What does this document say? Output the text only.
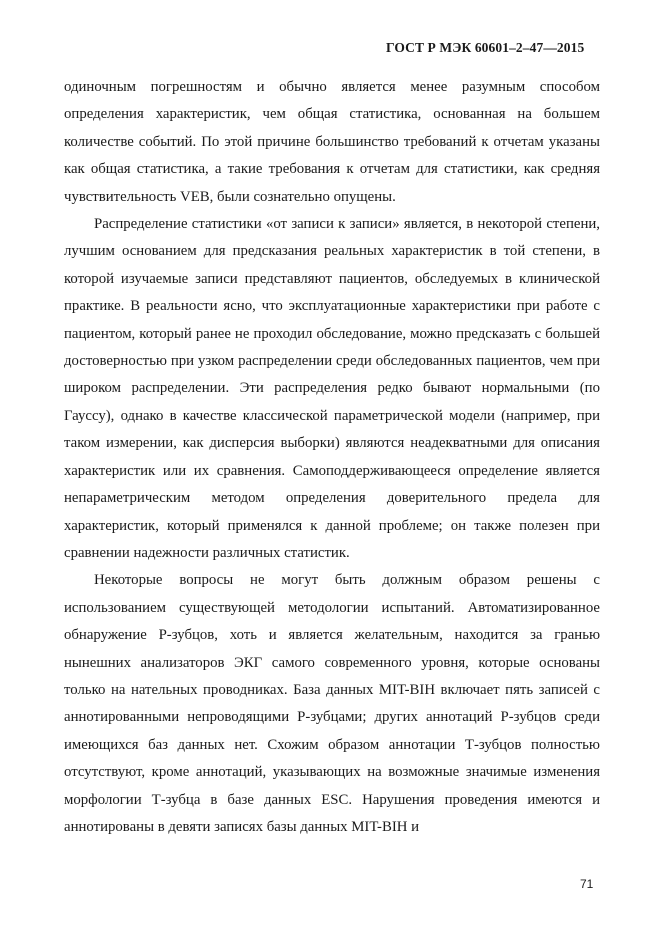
ГОСТ Р МЭК 60601–2–47—2015

одиночным погрешностям и обычно является менее разумным способом определения характеристик, чем общая статистика, основанная на большем количестве событий. По этой причине большинство требований к отчетам указаны как общая статистика, а такие требования к отчетам для статистики, как средняя чувствительность VEB, были сознательно опущены.

Распределение статистики «от записи к записи» является, в некоторой степени, лучшим основанием для предсказания реальных характеристик в той степени, в которой изучаемые записи представляют пациентов, обследуемых в клинической практике. В реальности ясно, что эксплуатационные характеристики при работе с пациентом, который ранее не проходил обследование, можно предсказать с большей достоверностью при узком распределении среди обследованных пациентов, чем при широком распределении. Эти распределения редко бывают нормальными (по Гауссу), однако в качестве классической параметрической модели (например, при таком измерении, как дисперсия выборки) являются неадекватными для описания характеристик или их сравнения. Самоподдерживающееся определение является непараметрическим методом определения доверительного предела для характеристик, который применялся к данной проблеме; он также полезен при сравнении надежности различных статистик.

Некоторые вопросы не могут быть должным образом решены с использованием существующей методологии испытаний. Автоматизированное обнаружение Р-зубцов, хоть и является желательным, находится за гранью нынешних анализаторов ЭКГ самого современного уровня, которые основаны только на нательных проводниках. База данных MIT-BIH включает пять записей с аннотированными непроводящими Р-зубцами; других аннотаций Р-зубцов среди имеющихся баз данных нет. Схожим образом аннотации Т-зубцов полностью отсутствуют, кроме аннотаций, указывающих на возможные значимые изменения морфологии Т-зубца в базе данных ESC. Нарушения проведения имеются и аннотированы в девяти записях базы данных MIT-BIH и

71
